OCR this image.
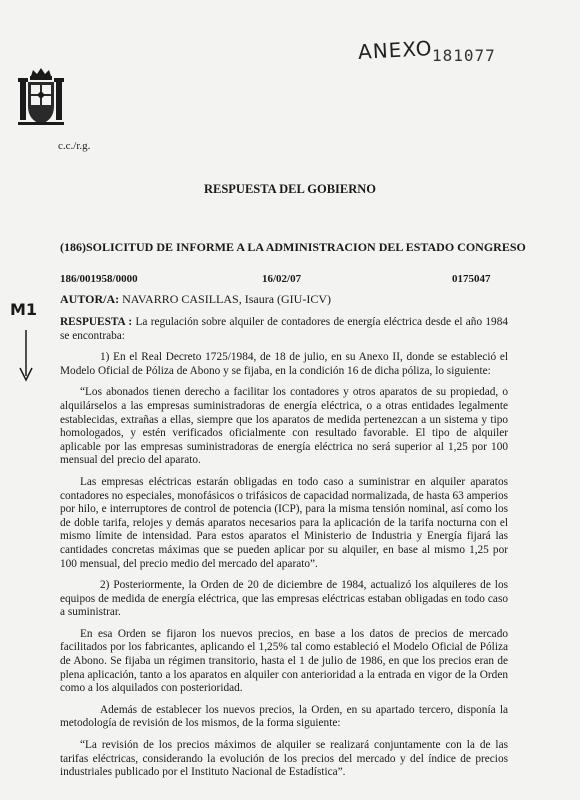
ANEXO
181077
c.c./r.g.
RESPUESTA DEL GOBIERNO
(186)SOLICITUD DE INFORME A LA ADMINISTRACION DEL ESTADO CONGRESO
186/001958/0000	16/02/07	0175047
AUTOR/A: NAVARRO CASILLAS, Isaura (GIU-ICV)
M1

RESPUESTA : La regulación sobre alquiler de contadores de energía eléctrica desde el año 1984 se encontraba:

1) En el Real Decreto 1725/1984, de 18 de julio, en su Anexo II, donde se estableció el Modelo Oficial de Póliza de Abono y se fijaba, en la condición 16 de dicha póliza, lo siguiente:

“Los abonados tienen derecho a facilitar los contadores y otros aparatos de su propiedad, o alquilárselos a las empresas suministradoras de energía eléctrica, o a otras entidades legalmente establecidas, extrañas a ellas, siempre que los aparatos de medida pertenezcan a un sistema y tipo homologados, y estén verificados oficialmente con resultado favorable. El tipo de alquiler aplicable por las empresas suministradoras de energía eléctrica no será superior al 1,25 por 100 mensual del precio del aparato.

Las empresas eléctricas estarán obligadas en todo caso a suministrar en alquiler aparatos contadores no especiales, monofásicos o trifásicos de capacidad normalizada, de hasta 63 amperios por hilo, e interruptores de control de potencia (ICP), para la misma tensión nominal, así como los de doble tarifa, relojes y demás aparatos necesarios para la aplicación de la tarifa nocturna con el mismo límite de intensidad. Para estos aparatos el Ministerio de Industria y Energía fijará las cantidades concretas máximas que se pueden aplicar por su alquiler, en base al mismo 1,25 por 100 mensual, del precio medio del mercado del aparato”.

2) Posteriormente, la Orden de 20 de diciembre de 1984, actualizó los alquileres de los equipos de medida de energía eléctrica, que las empresas eléctricas estaban obligadas en todo caso a suministrar.

En esa Orden se fijaron los nuevos precios, en base a los datos de precios de mercado facilitados por los fabricantes, aplicando el 1,25% tal como estableció el Modelo Oficial de Póliza de Abono. Se fijaba un régimen transitorio, hasta el 1 de julio de 1986, en que los precios eran de plena aplicación, tanto a los aparatos en alquiler con anterioridad a la entrada en vigor de la Orden como a los alquilados con posterioridad.

Además de establecer los nuevos precios, la Orden, en su apartado tercero, disponía la metodología de revisión de los mismos, de la forma siguiente:

“La revisión de los precios máximos de alquiler se realizará conjuntamente con la de las tarifas eléctricas, considerando la evolución de los precios del mercado y del índice de precios industriales publicado por el Instituto Nacional de Estadística”.
